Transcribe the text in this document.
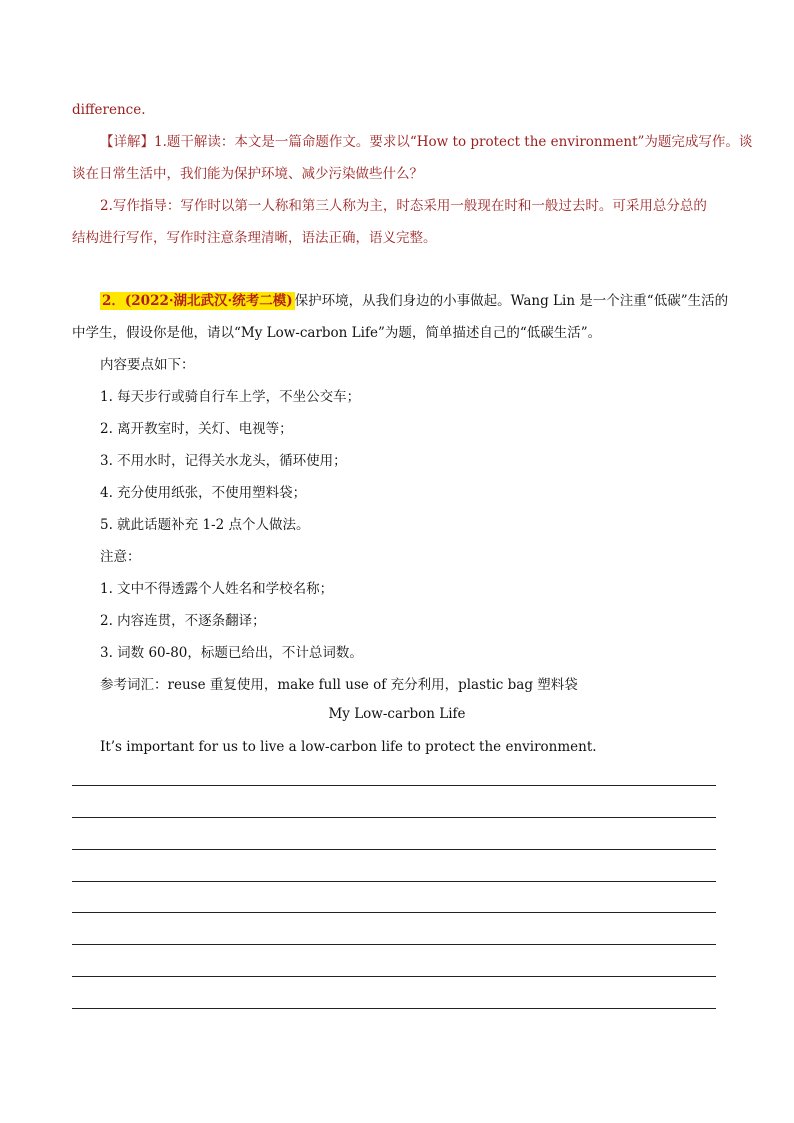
difference.
【详解】1.题干解读：本文是一篇命题作文。要求以“How to protect the environment”为题完成写作。谈
谈在日常生活中，我们能为保护环境、减少污染做些什么？
2.写作指导：写作时以第一人称和第三人称为主，时态采用一般现在时和一般过去时。可采用总分总的
结构进行写作，写作时注意条理清晰，语法正确，语义完整。
2．(2022·湖北武汉·统考二模) 保护环境，从我们身边的小事做起。Wang Lin 是一个注重“低碳”生活的
中学生，假设你是他，请以“My Low-carbon Life”为题，简单描述自己的“低碳生活”。
内容要点如下：
1. 每天步行或骑自行车上学，不坐公交车；
2. 离开教室时，关灯、电视等；
3. 不用水时，记得关水龙头，循环使用；
4. 充分使用纸张，不使用塑料袋；
5. 就此话题补充 1-2 点个人做法。
注意：
1. 文中不得透露个人姓名和学校名称；
2. 内容连贯，不逐条翻译；
3. 词数 60-80，标题已给出，不计总词数。
参考词汇：reuse 重复使用，make full use of 充分利用，plastic bag 塑料袋
My Low-carbon Life
It’s important for us to live a low-carbon life to protect the environment.
